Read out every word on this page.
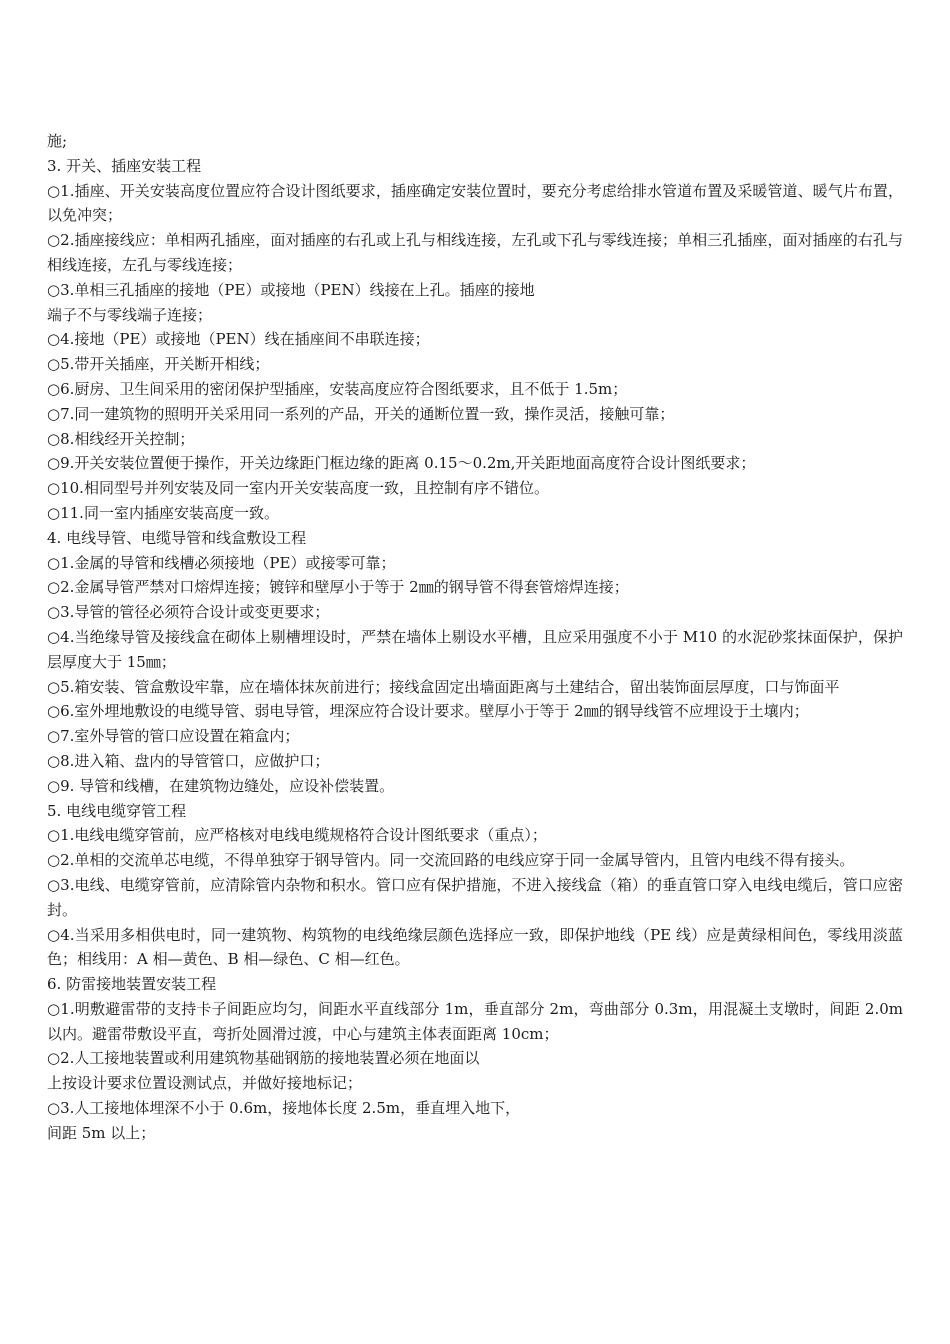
施;

3. 开关、插座安装工程

○1.插座、开关安装高度位置应符合设计图纸要求，插座确定安装位置时，要充分考虑给排水管道布置及采暖管道、暖气片布置，以免冲突；

○2.插座接线应：单相两孔插座，面对插座的右孔或上孔与相线连接，左孔或下孔与零线连接；单相三孔插座，面对插座的右孔与相线连接，左孔与零线连接；

○3.单相三孔插座的接地（PE）或接地（PEN）线接在上孔。插座的接地

端子不与零线端子连接；

○4.接地（PE）或接地（PEN）线在插座间不串联连接；

○5.带开关插座，开关断开相线；

○6.厨房、卫生间采用的密闭保护型插座，安装高度应符合图纸要求，且不低于 1.5m；

○7.同一建筑物的照明开关采用同一系列的产品，开关的通断位置一致，操作灵活，接触可靠；

○8.相线经开关控制；

○9.开关安装位置便于操作，开关边缘距门框边缘的距离 0.15～0.2m,开关距地面高度符合设计图纸要求；

○10.相同型号并列安装及同一室内开关安装高度一致，且控制有序不错位。

○11.同一室内插座安装高度一致。

4. 电线导管、电缆导管和线盒敷设工程

○1.金属的导管和线槽必须接地（PE）或接零可靠；

○2.金属导管严禁对口熔焊连接；镀锌和壁厚小于等于 2㎜的钢导管不得套管熔焊连接；

○3.导管的管径必须符合设计或变更要求；

○4.当绝缘导管及接线盒在砌体上剔槽埋设时，严禁在墙体上剔设水平槽，且应采用强度不小于 M10 的水泥砂浆抹面保护，保护层厚度大于 15㎜；

○5.箱安装、管盒敷设牢靠，应在墙体抹灰前进行；接线盒固定出墙面距离与土建结合，留出装饰面层厚度，口与饰面平

○6.室外埋地敷设的电缆导管、弱电导管，埋深应符合设计要求。壁厚小于等于 2㎜的钢导线管不应埋设于土壤内；

○7.室外导管的管口应设置在箱盒内；

○8.进入箱、盘内的导管管口，应做护口；

○9. 导管和线槽，在建筑物边缝处，应设补偿装置。

5. 电线电缆穿管工程

○1.电线电缆穿管前，应严格核对电线电缆规格符合设计图纸要求（重点）；

○2.单相的交流单芯电缆，不得单独穿于钢导管内。同一交流回路的电线应穿于同一金属导管内，且管内电线不得有接头。

○3.电线、电缆穿管前，应清除管内杂物和积水。管口应有保护措施，不进入接线盒（箱）的垂直管口穿入电线电缆后，管口应密封。

○4.当采用多相供电时，同一建筑物、构筑物的电线绝缘层颜色选择应一致，即保护地线（PE 线）应是黄绿相间色，零线用淡蓝色；相线用：A 相—黄色、B 相—绿色、C 相—红色。

6. 防雷接地装置安装工程

○1.明敷避雷带的支持卡子间距应均匀，间距水平直线部分 1m，垂直部分 2m，弯曲部分 0.3m，用混凝土支墩时，间距 2.0m 以内。避雷带敷设平直，弯折处圆滑过渡，中心与建筑主体表面距离 10cm；

○2.人工接地装置或利用建筑物基础钢筋的接地装置必须在地面以

上按设计要求位置设测试点，并做好接地标记；

○3.人工接地体埋深不小于 0.6m，接地体长度 2.5m，垂直埋入地下，

间距 5m 以上；
